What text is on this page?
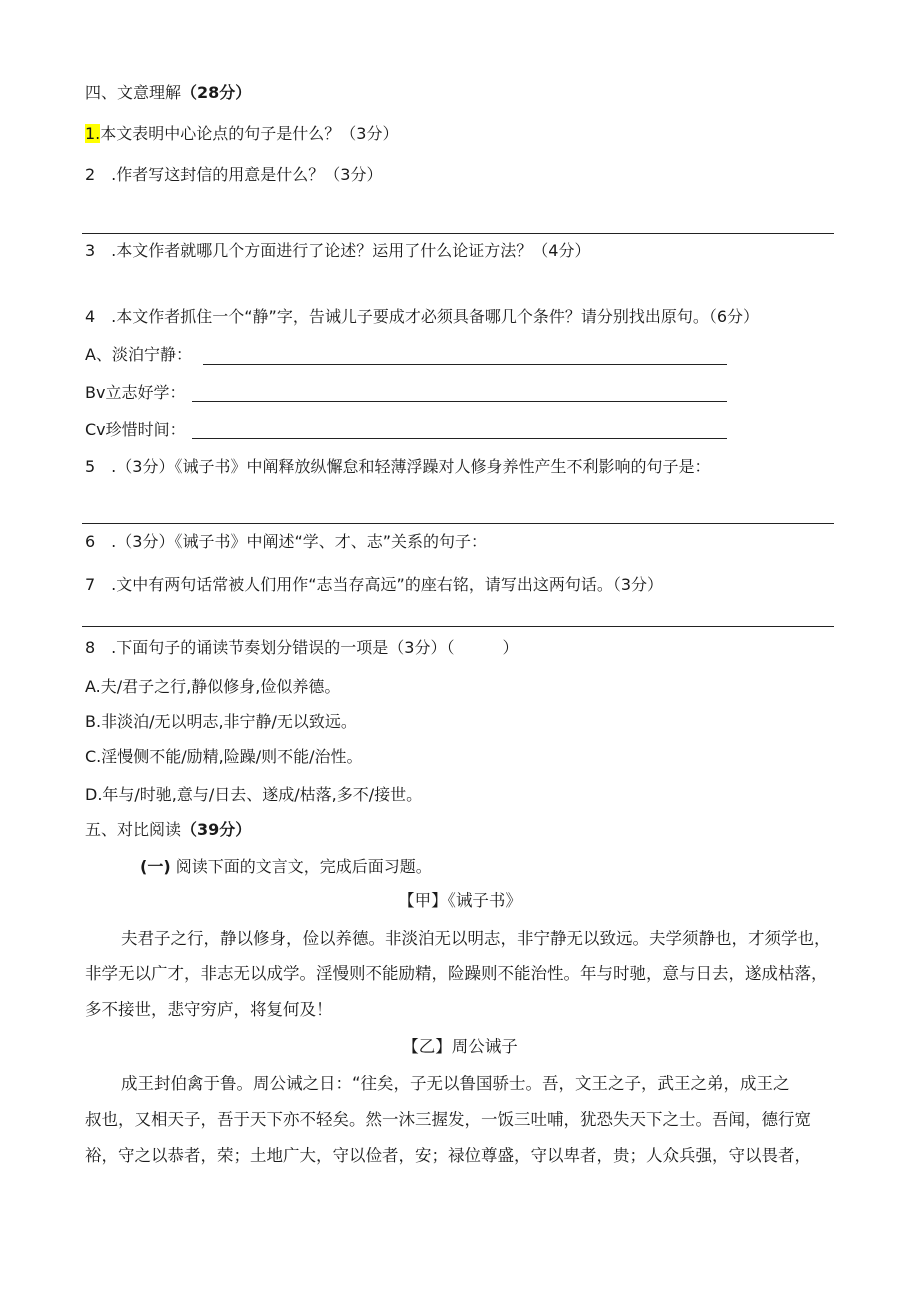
四、文意理解（28分）
1.本文表明中心论点的句子是什么？（3分）
2　.作者写这封信的用意是什么？（3分）
3　.本文作者就哪几个方面进行了论述？运用了什么论证方法？（4分）
4　.本文作者抓住一个“静”字，告诫儿子要成才必须具备哪几个条件？请分别找出原句。（6分）
A、淡泊宁静：
Bv立志好学：
Cv珍惜时间：
5　.（3分）《诫子书》中阐释放纵懈怠和轻薄浮躁对人修身养性产生不利影响的句子是：
6　.（3分）《诫子书》中阐述“学、才、志”关系的句子：
7　.文中有两句话常被人们用作“志当存高远”的座右铭，请写出这两句话。（3分）
8　.下面句子的诵读节奏划分错误的一项是（3分）（　　　）
A.夫/君子之行,静似修身,俭似养德。
B.非淡泊/无以明志,非宁静/无以致远。
C.淫慢侧不能/励精,险躁/则不能/治性。
D.年与/时驰,意与/日去、遂成/枯落,多不/接世。
五、对比阅读（39分）
(一) 阅读下面的文言文，完成后面习题。
【甲】《诫子书》
夫君子之行，静以修身，俭以养德。非淡泊无以明志，非宁静无以致远。夫学须静也，才须学也，
非学无以广才，非志无以成学。淫慢则不能励精，险躁则不能治性。年与时驰，意与日去，遂成枯落，
多不接世，悲守穷庐，将复何及！
【乙】周公诫子
成王封伯禽于鲁。周公诫之日：“往矣，子无以鲁国骄士。吾，文王之子，武王之弟，成王之
叔也，又相天子，吾于天下亦不轻矣。然一沐三握发，一饭三吐哺，犹恐失天下之士。吾闻，德行宽
裕，守之以恭者，荣；土地广大，守以俭者，安；禄位尊盛，守以卑者，贵；人众兵强，守以畏者，
